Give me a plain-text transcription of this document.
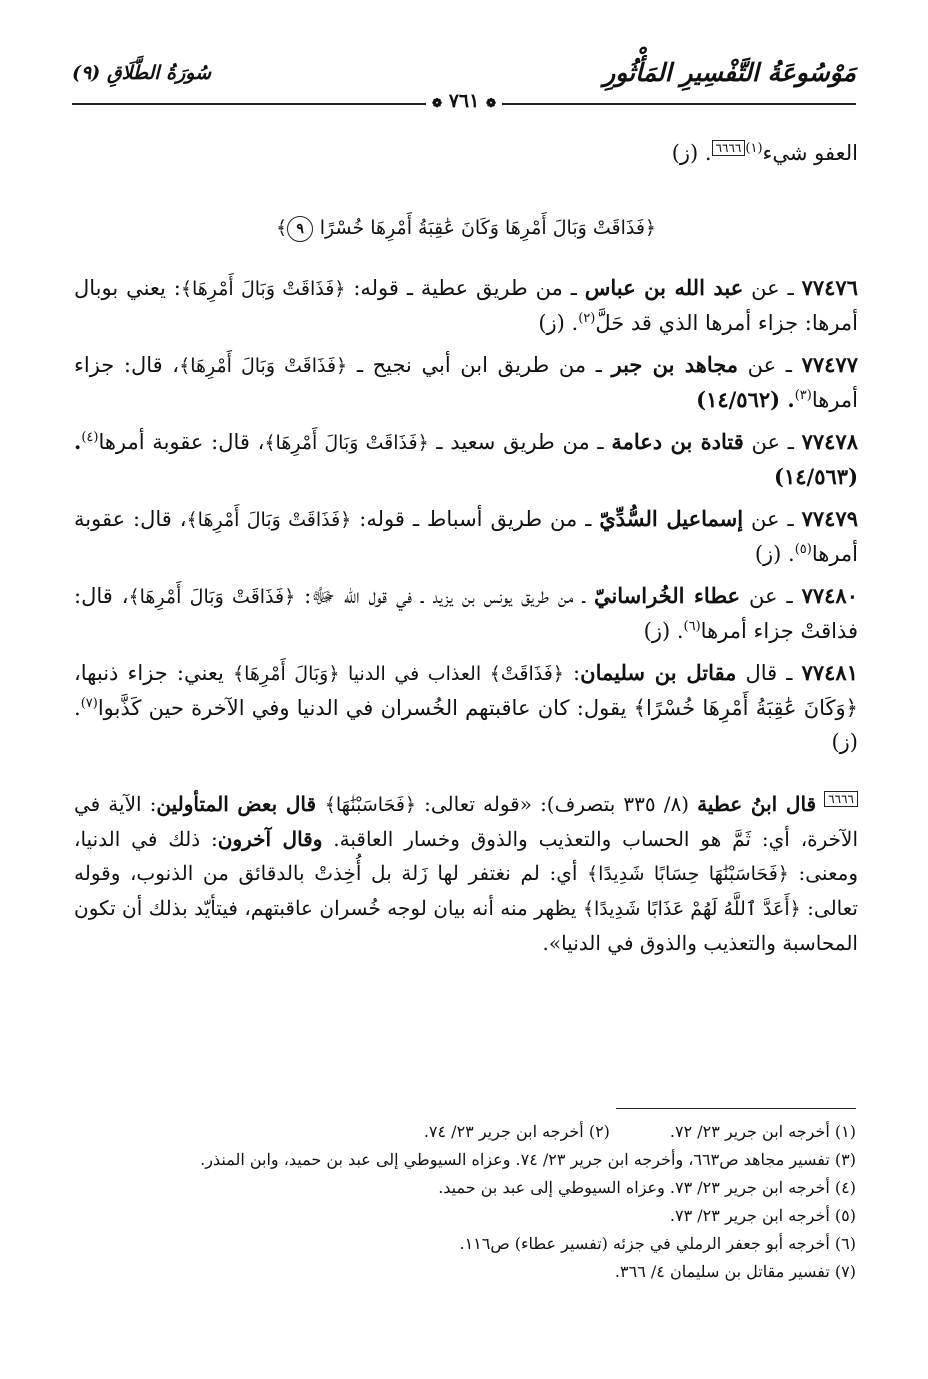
مَوْسُوعَةُ التَّفْسِيرِ المَأْثُورِ
سُورَةُ الطَّلَاقِ (٩)
❁ ٧٦١ ❁

العفو شيء$^{(١)}$٦٦٦٦. (ز)

﴿فَذَاقَتْ وَبَالَ أَمْرِهَا وَكَانَ عَٰقِبَةُ أَمْرِهَا خُسْرًا ٩﴾

٧٧٤٧٦ ـ عن عبد الله بن عباس ـ من طريق عطية ـ قوله: ﴿فَذَاقَتْ وَبَالَ أَمْرِهَا﴾: يعني بوبال أمرها: جزاء أمرها الذي قد حَلَّ$^{(٢)}$. (ز)

٧٧٤٧٧ ـ عن مجاهد بن جبر ـ من طريق ابن أبي نجيح ـ ﴿فَذَاقَتْ وَبَالَ أَمْرِهَا﴾، قال: جزاء أمرها$^{(٣)}$. (١٤/٥٦٢)

٧٧٤٧٨ ـ عن قتادة بن دعامة ـ من طريق سعيد ـ ﴿فَذَاقَتْ وَبَالَ أَمْرِهَا﴾، قال: عقوبة أمرها$^{(٤)}$. (١٤/٥٦٣)

٧٧٤٧٩ ـ عن إسماعيل السُّدِّيّ ـ من طريق أسباط ـ قوله: ﴿فَذَاقَتْ وَبَالَ أَمْرِهَا﴾، قال: عقوبة أمرها$^{(٥)}$. (ز)

٧٧٤٨٠ ـ عن عطاء الخُراسانيّ ـ من طريق يونس بن يزيد ـ في قول الله ﷻ: ﴿فَذَاقَتْ وَبَالَ أَمْرِهَا﴾، قال: فذاقتْ جزاء أمرها$^{(٦)}$. (ز)

٧٧٤٨١ ـ قال مقاتل بن سليمان: ﴿فَذَاقَتْ﴾ العذاب في الدنيا ﴿وَبَالَ أَمْرِهَا﴾ يعني: جزاء ذنبها، ﴿وَكَانَ عَٰقِبَةُ أَمْرِهَا خُسْرًا﴾ يقول: كان عاقبتهم الخُسران في الدنيا وفي الآخرة حين كَذَّبوا$^{(٧)}$. (ز)

٦٦٦٦ قال ابنُ عطية (٨/ ٣٣٥ بتصرف): «قوله تعالى: ﴿فَحَاسَبْنَٰهَا﴾ قال بعض المتأولين: الآية في الآخرة، أي: ثَمَّ هو الحساب والتعذيب والذوق وخسار العاقبة. وقال آخرون: ذلك في الدنيا، ومعنى: ﴿فَحَاسَبْنَٰهَا حِسَابًا شَدِيدًا﴾ أي: لم نغتفر لها زَلة بل أُخِذتْ بالدقائق من الذنوب، وقوله تعالى: ﴿أَعَدَّ ٱللَّهُ لَهُمْ عَذَابًا شَدِيدًا﴾ يظهر منه أنه بيان لوجه خُسران عاقبتهم، فيتأيّد بذلك أن تكون المحاسبة والتعذيب والذوق في الدنيا».

(١) أخرجه ابن جرير ٢٣/ ٧٢.

(٢) أخرجه ابن جرير ٢٣/ ٧٤.

(٣) تفسير مجاهد ص٦٦٣، وأخرجه ابن جرير ٢٣/ ٧٤. وعزاه السيوطي إلى عبد بن حميد، وابن المنذر.

(٤) أخرجه ابن جرير ٢٣/ ٧٣. وعزاه السيوطي إلى عبد بن حميد.

(٥) أخرجه ابن جرير ٢٣/ ٧٣.

(٦) أخرجه أبو جعفر الرملي في جزئه (تفسير عطاء) ص١١٦.

(٧) تفسير مقاتل بن سليمان ٤/ ٣٦٦.
